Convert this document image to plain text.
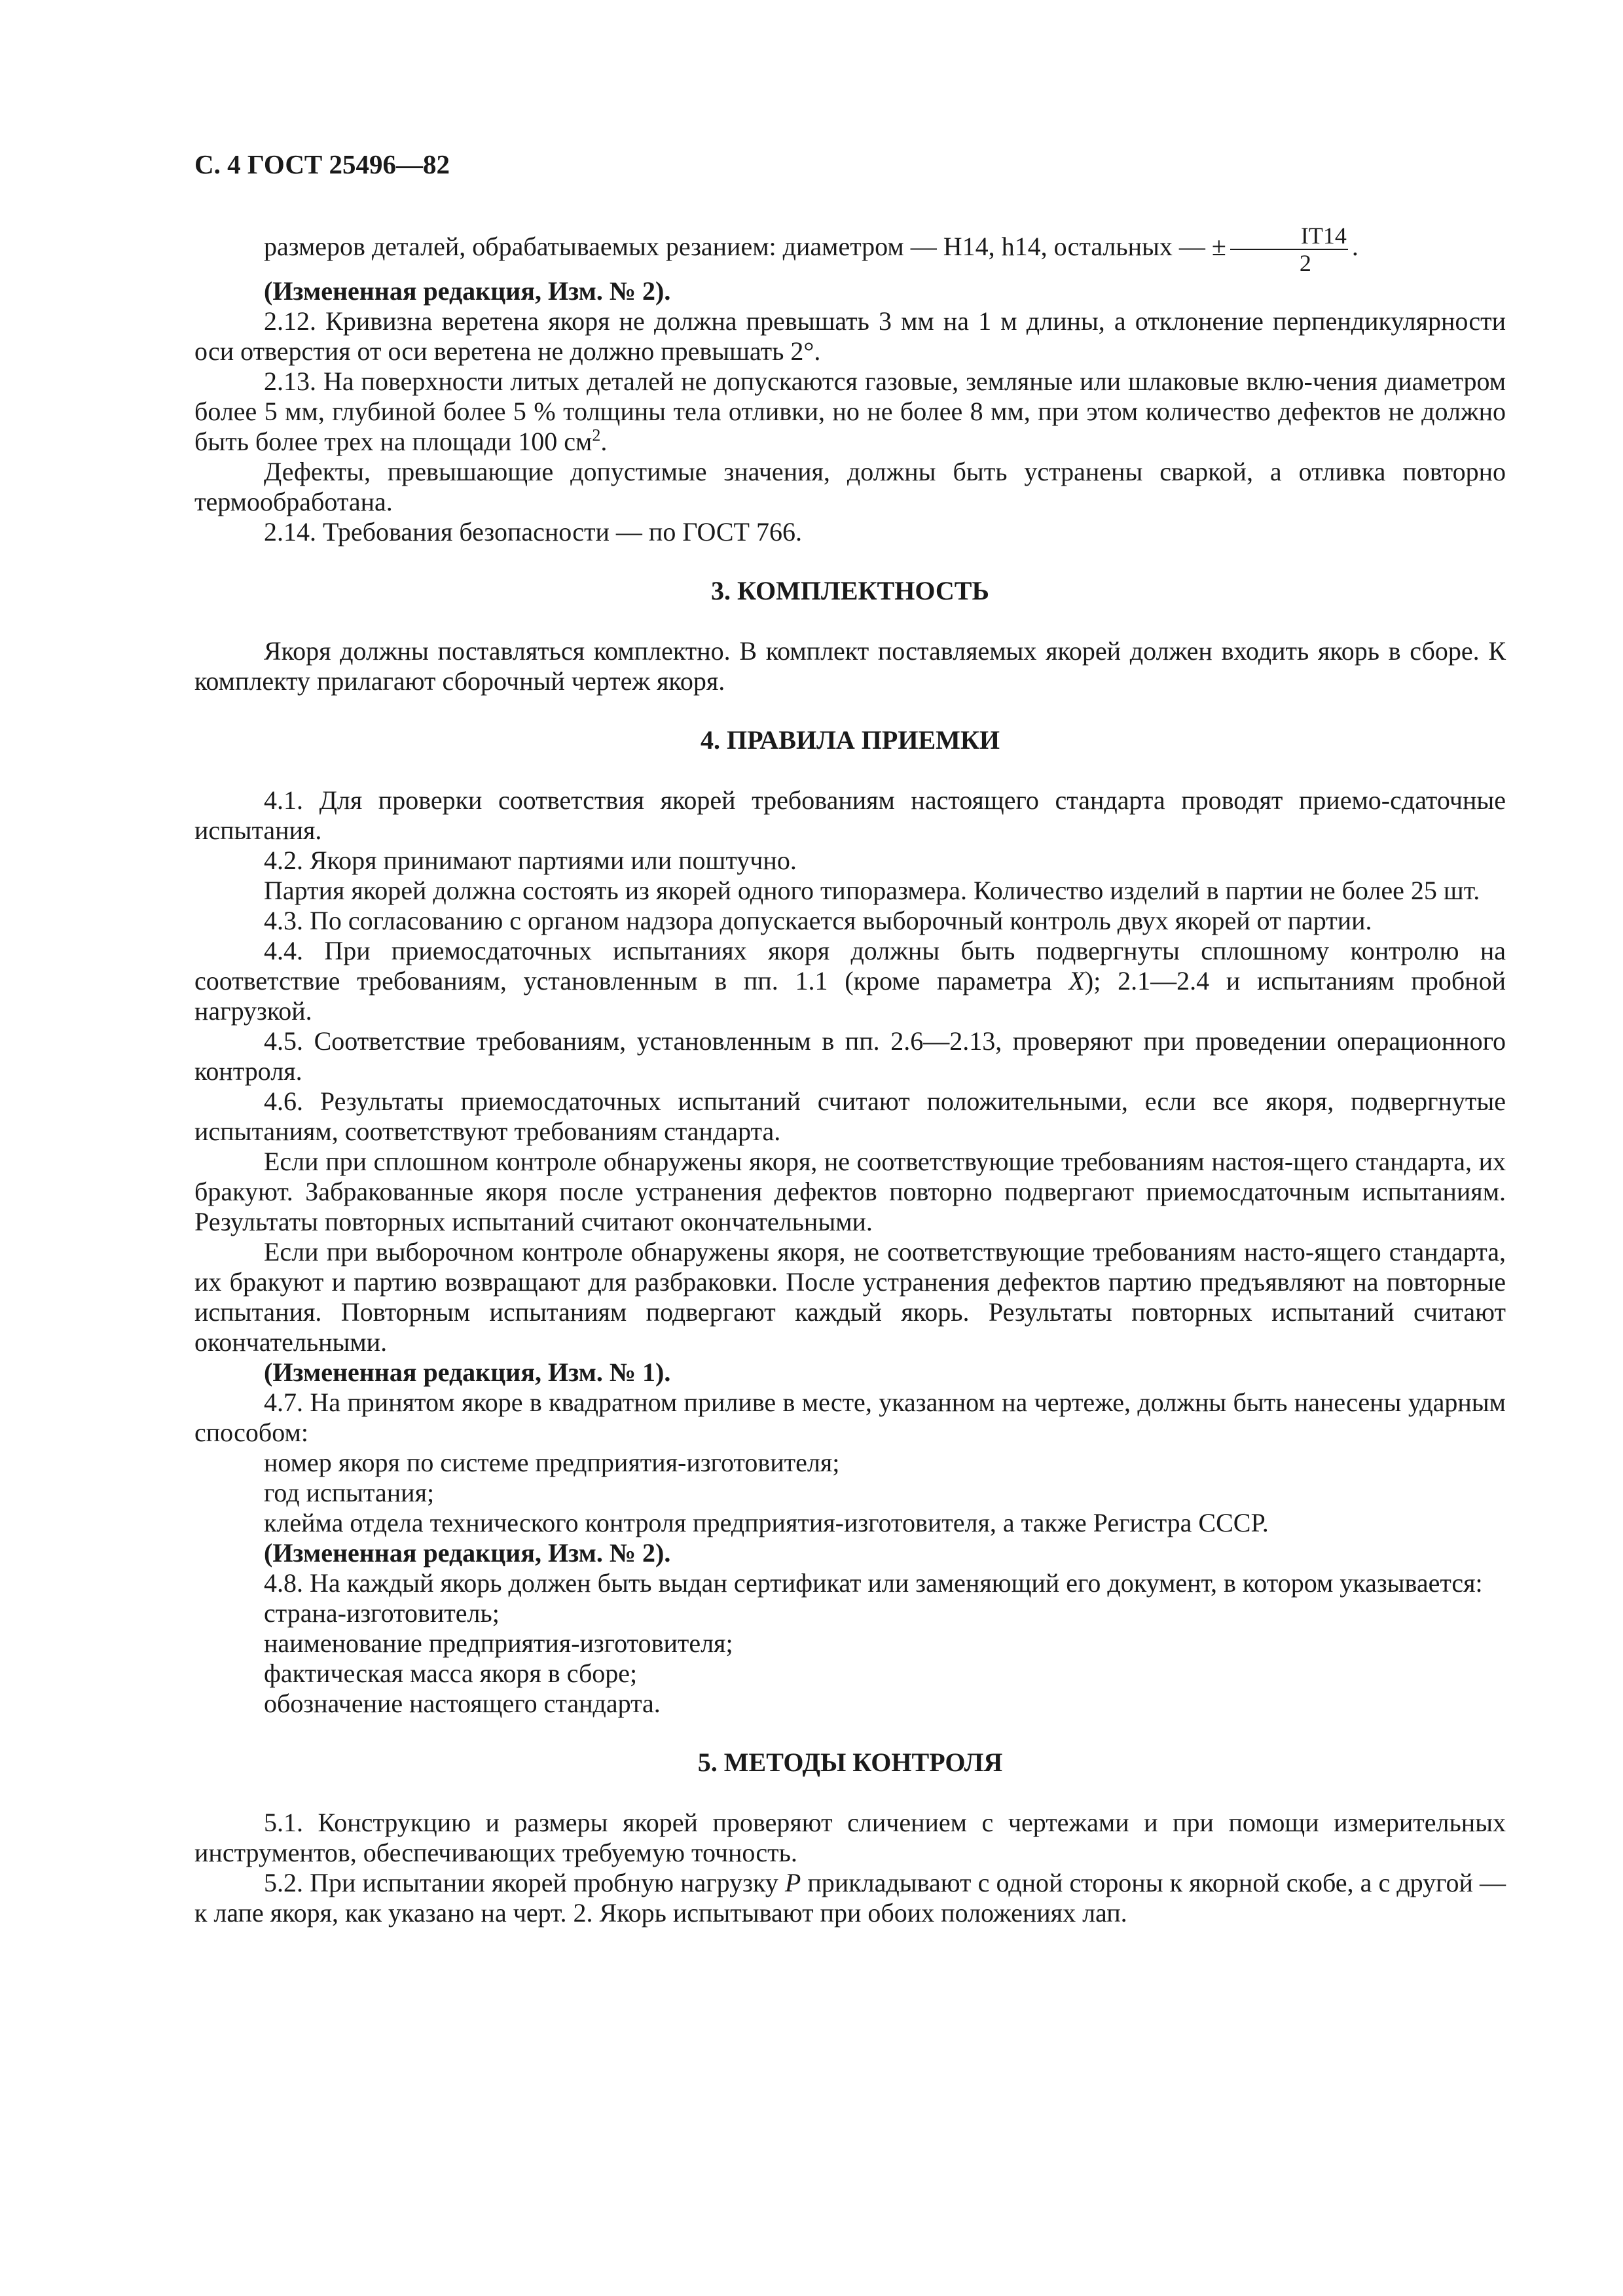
С. 4 ГОСТ 25496—82

размеров деталей, обрабатываемых резанием: диаметром — H14, h14, остальных — ± $\frac{IT14}{2}$ .

(Измененная редакция, Изм. № 2).

2.12. Кривизна веретена якоря не должна превышать 3 мм на 1 м длины, а отклонение перпендикулярности оси отверстия от оси веретена не должно превышать 2°.

2.13. На поверхности литых деталей не допускаются газовые, земляные или шлаковые вклю-чения диаметром более 5 мм, глубиной более 5 % толщины тела отливки, но не более 8 мм, при этом количество дефектов не должно быть более трех на площади 100 $см^2$.

Дефекты, превышающие допустимые значения, должны быть устранены сваркой, а отливка повторно термообработана.

2.14. Требования безопасности — по ГОСТ 766.

3. КОМПЛЕКТНОСТЬ

Якоря должны поставляться комплектно. В комплект поставляемых якорей должен входить якорь в сборе. К комплекту прилагают сборочный чертеж якоря.

4. ПРАВИЛА ПРИЕМКИ

4.1. Для проверки соответствия якорей требованиям настоящего стандарта проводят приемо-сдаточные испытания.

4.2. Якоря принимают партиями или поштучно.

Партия якорей должна состоять из якорей одного типоразмера. Количество изделий в партии не более 25 шт.

4.3. По согласованию с органом надзора допускается выборочный контроль двух якорей от партии.

4.4. При приемосдаточных испытаниях якоря должны быть подвергнуты сплошному контролю на соответствие требованиям, установленным в пп. 1.1 (кроме параметра X); 2.1—2.4 и испытаниям пробной нагрузкой.

4.5. Соответствие требованиям, установленным в пп. 2.6—2.13, проверяют при проведении операционного контроля.

4.6. Результаты приемосдаточных испытаний считают положительными, если все якоря, подвергнутые испытаниям, соответствуют требованиям стандарта.

Если при сплошном контроле обнаружены якоря, не соответствующие требованиям настоя-щего стандарта, их бракуют. Забракованные якоря после устранения дефектов повторно подвергают приемосдаточным испытаниям. Результаты повторных испытаний считают окончательными.

Если при выборочном контроле обнаружены якоря, не соответствующие требованиям насто-ящего стандарта, их бракуют и партию возвращают для разбраковки. После устранения дефектов партию предъявляют на повторные испытания. Повторным испытаниям подвергают каждый якорь. Результаты повторных испытаний считают окончательными.

(Измененная редакция, Изм. № 1).

4.7. На принятом якоре в квадратном приливе в месте, указанном на чертеже, должны быть нанесены ударным способом:

номер якоря по системе предприятия-изготовителя;

год испытания;

клейма отдела технического контроля предприятия-изготовителя, а также Регистра СССР.

(Измененная редакция, Изм. № 2).

4.8. На каждый якорь должен быть выдан сертификат или заменяющий его документ, в котором указывается:

страна-изготовитель;

наименование предприятия-изготовителя;

фактическая масса якоря в сборе;

обозначение настоящего стандарта.

5. МЕТОДЫ КОНТРОЛЯ

5.1. Конструкцию и размеры якорей проверяют сличением с чертежами и при помощи измерительных инструментов, обеспечивающих требуемую точность.

5.2. При испытании якорей пробную нагрузку P прикладывают с одной стороны к якорной скобе, а с другой — к лапе якоря, как указано на черт. 2. Якорь испытывают при обоих положениях лап.
